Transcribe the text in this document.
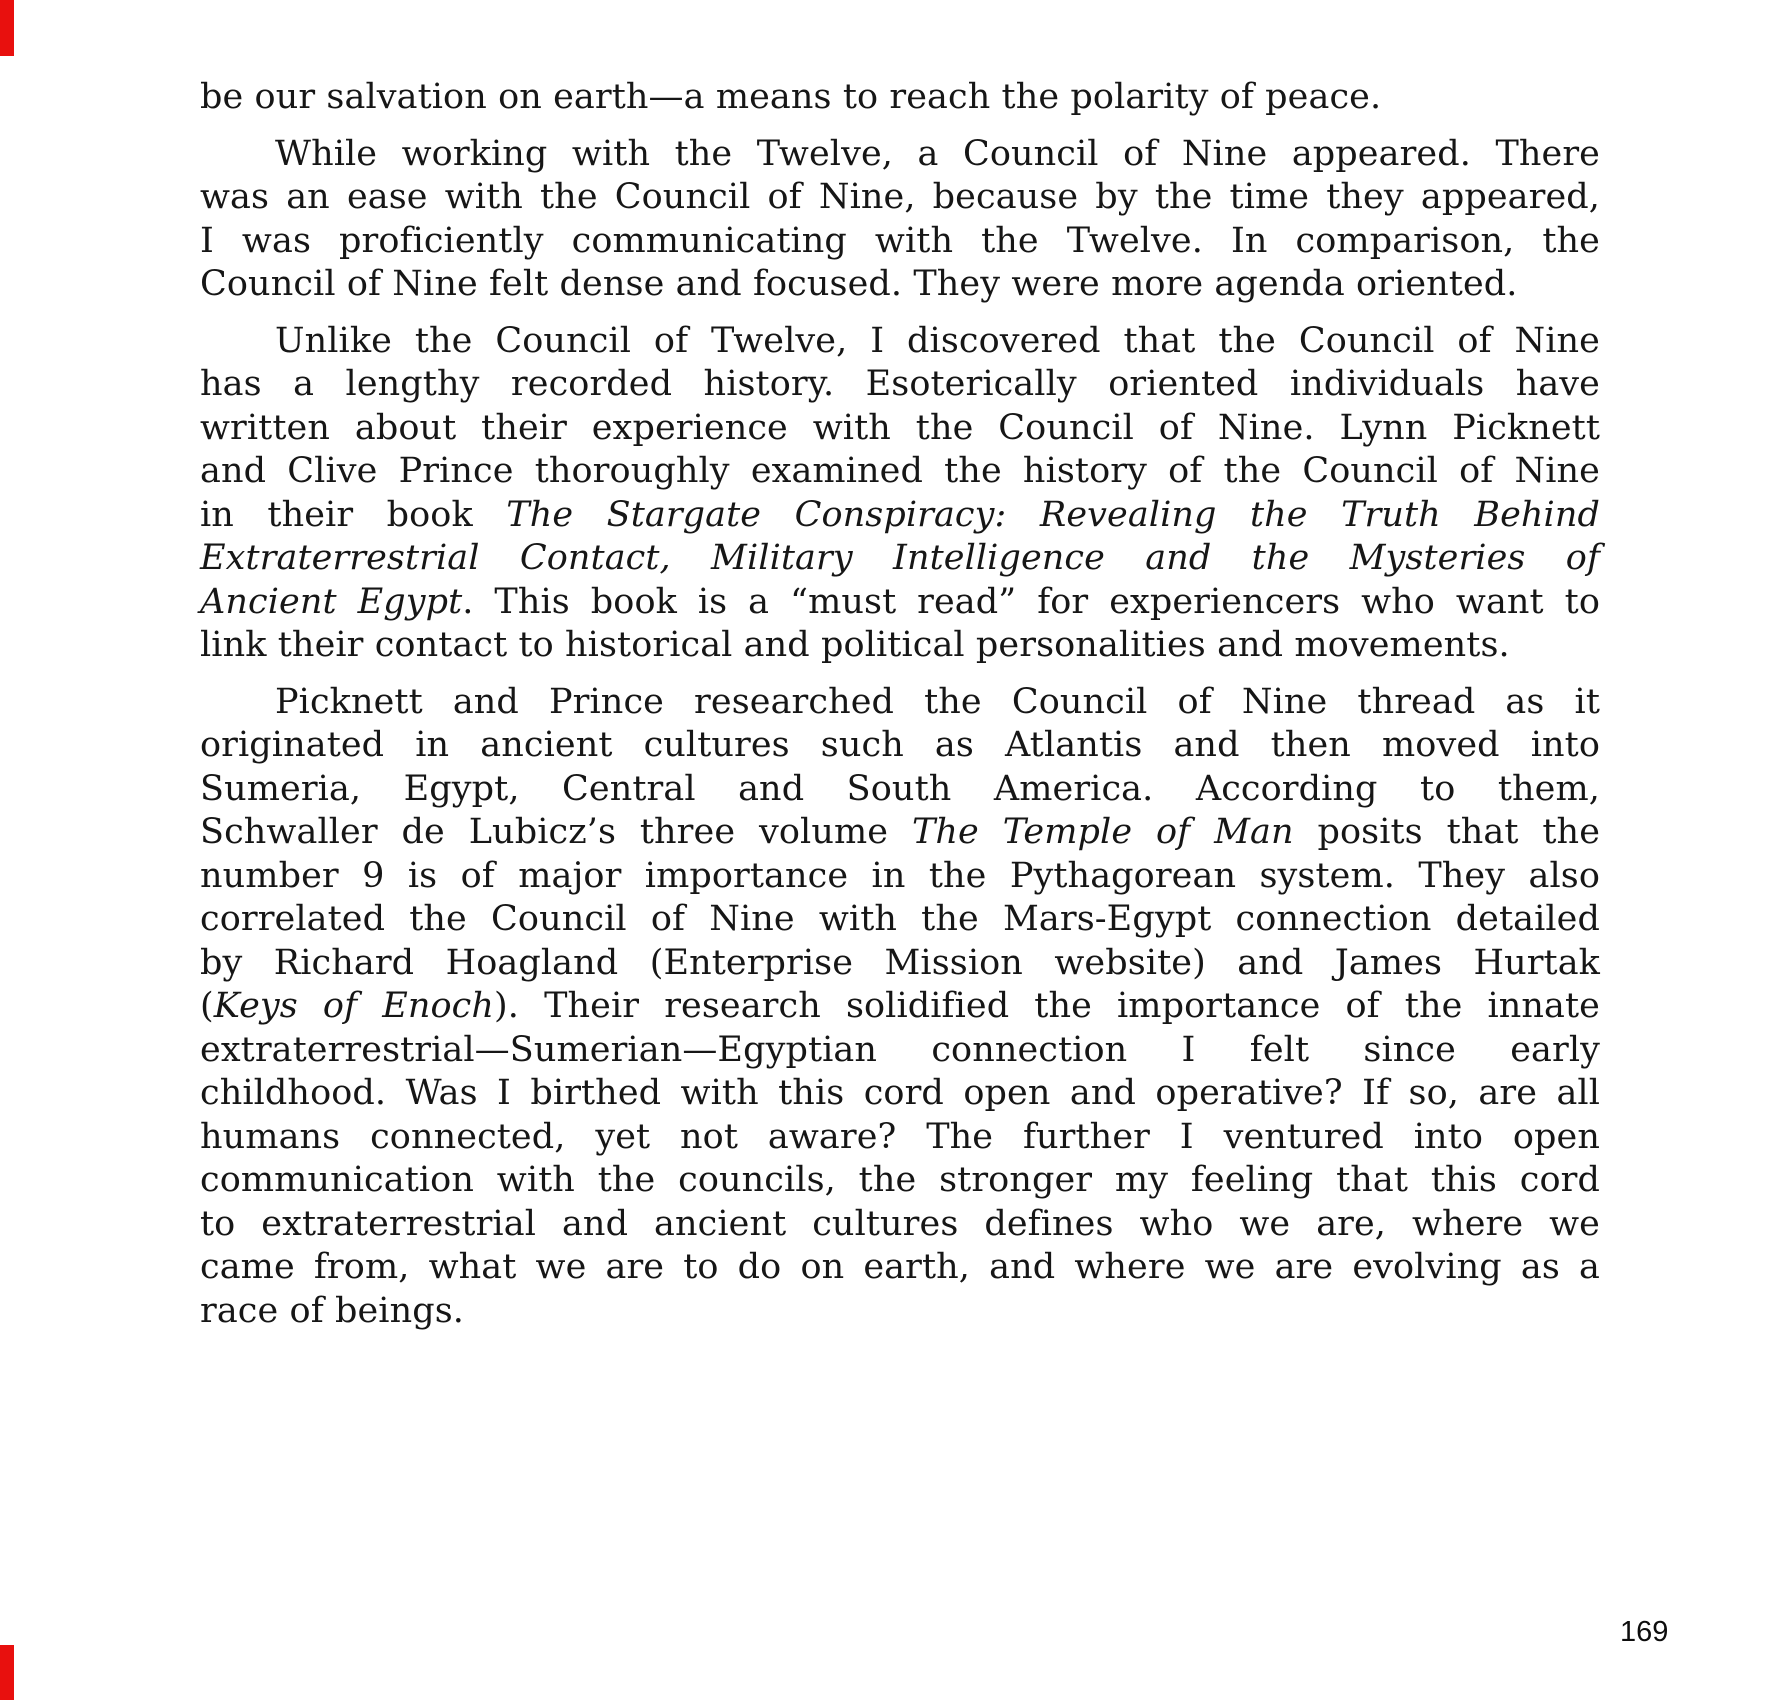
be our salvation on earth—a means to reach the polarity of peace.
While working with the Twelve, a Council of Nine appeared. There
was an ease with the Council of Nine, because by the time they appeared,
I was proficiently communicating with the Twelve. In comparison, the
Council of Nine felt dense and focused. They were more agenda oriented.
Unlike the Council of Twelve, I discovered that the Council of Nine
has a lengthy recorded history. Esoterically oriented individuals have
written about their experience with the Council of Nine. Lynn Picknett
and Clive Prince thoroughly examined the history of the Council of Nine
in their book The Stargate Conspiracy: Revealing the Truth Behind
Extraterrestrial Contact, Military Intelligence and the Mysteries of
Ancient Egypt. This book is a “must read” for experiencers who want to
link their contact to historical and political personalities and movements.
Picknett and Prince researched the Council of Nine thread as it
originated in ancient cultures such as Atlantis and then moved into
Sumeria, Egypt, Central and South America. According to them,
Schwaller de Lubicz’s three volume The Temple of Man posits that the
number 9 is of major importance in the Pythagorean system. They also
correlated the Council of Nine with the Mars-Egypt connection detailed
by Richard Hoagland (Enterprise Mission website) and James Hurtak
(Keys of Enoch). Their research solidified the importance of the innate
extraterrestrial—Sumerian—Egyptian connection I felt since early
childhood. Was I birthed with this cord open and operative? If so, are all
humans connected, yet not aware? The further I ventured into open
communication with the councils, the stronger my feeling that this cord
to extraterrestrial and ancient cultures defines who we are, where we
came from, what we are to do on earth, and where we are evolving as a
race of beings.
169
